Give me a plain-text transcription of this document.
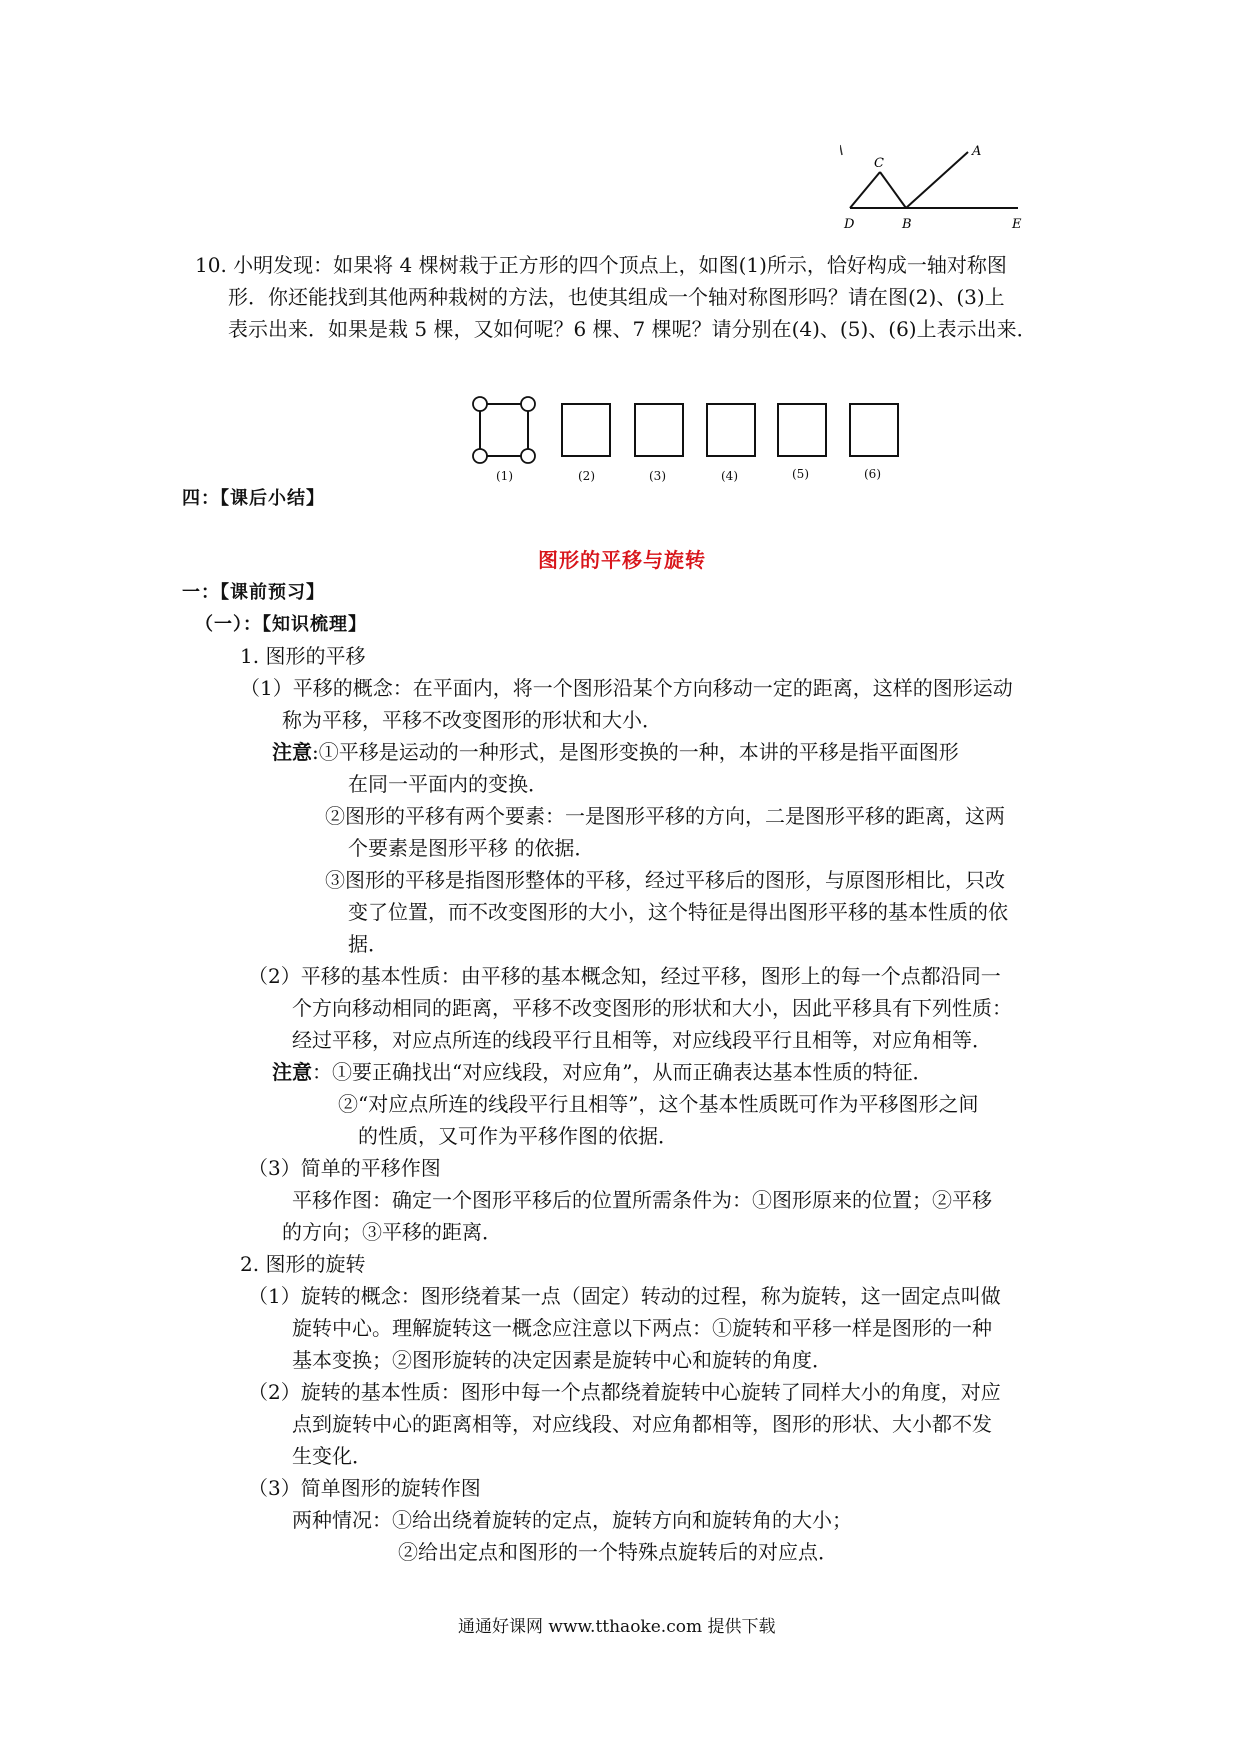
A
C
D	B	E
10. 小明发现：如果将 4 棵树栽于正方形的四个顶点上，如图(1)所示，恰好构成一轴对称图
形．你还能找到其他两种栽树的方法，也使其组成一个轴对称图形吗？请在图(2)、(3)上
表示出来．如果是栽 5 棵，又如何呢？6 棵、7 棵呢？请分别在(4)、(5)、(6)上表示出来．
(1)	(2)	(3)	(4)	(5)	(6)
四：【课后小结】
图形的平移与旋转
一：【课前预习】
（一）：【知识梳理】
1. 图形的平移
（1）平移的概念：在平面内，将一个图形沿某个方向移动一定的距离，这样的图形运动
称为平移，平移不改变图形的形状和大小．
注意:①平移是运动的一种形式，是图形变换的一种，本讲的平移是指平面图形
在同一平面内的变换．
②图形的平移有两个要素：一是图形平移的方向，二是图形平移的距离，这两
个要素是图形平移 的依据．
③图形的平移是指图形整体的平移，经过平移后的图形，与原图形相比，只改
变了位置，而不改变图形的大小，这个特征是得出图形平移的基本性质的依
据．
（2）平移的基本性质：由平移的基本概念知，经过平移，图形上的每一个点都沿同一
个方向移动相同的距离，平移不改变图形的形状和大小，因此平移具有下列性质：
经过平移，对应点所连的线段平行且相等，对应线段平行且相等，对应角相等．
注意：①要正确找出“对应线段，对应角”，从而正确表达基本性质的特征．
②“对应点所连的线段平行且相等”，这个基本性质既可作为平移图形之间
的性质，又可作为平移作图的依据．
（3）简单的平移作图
平移作图：确定一个图形平移后的位置所需条件为：①图形原来的位置；②平移
的方向；③平移的距离．
2. 图形的旋转
（1）旋转的概念：图形绕着某一点（固定）转动的过程，称为旋转，这一固定点叫做
旋转中心。理解旋转这一概念应注意以下两点：①旋转和平移一样是图形的一种
基本变换；②图形旋转的决定因素是旋转中心和旋转的角度．
（2）旋转的基本性质：图形中每一个点都绕着旋转中心旋转了同样大小的角度，对应
点到旋转中心的距离相等，对应线段、对应角都相等，图形的形状、大小都不发
生变化．
（3）简单图形的旋转作图
两种情况：①给出绕着旋转的定点，旋转方向和旋转角的大小；
②给出定点和图形的一个特殊点旋转后的对应点．
通通好课网 www.tthaoke.com 提供下载
